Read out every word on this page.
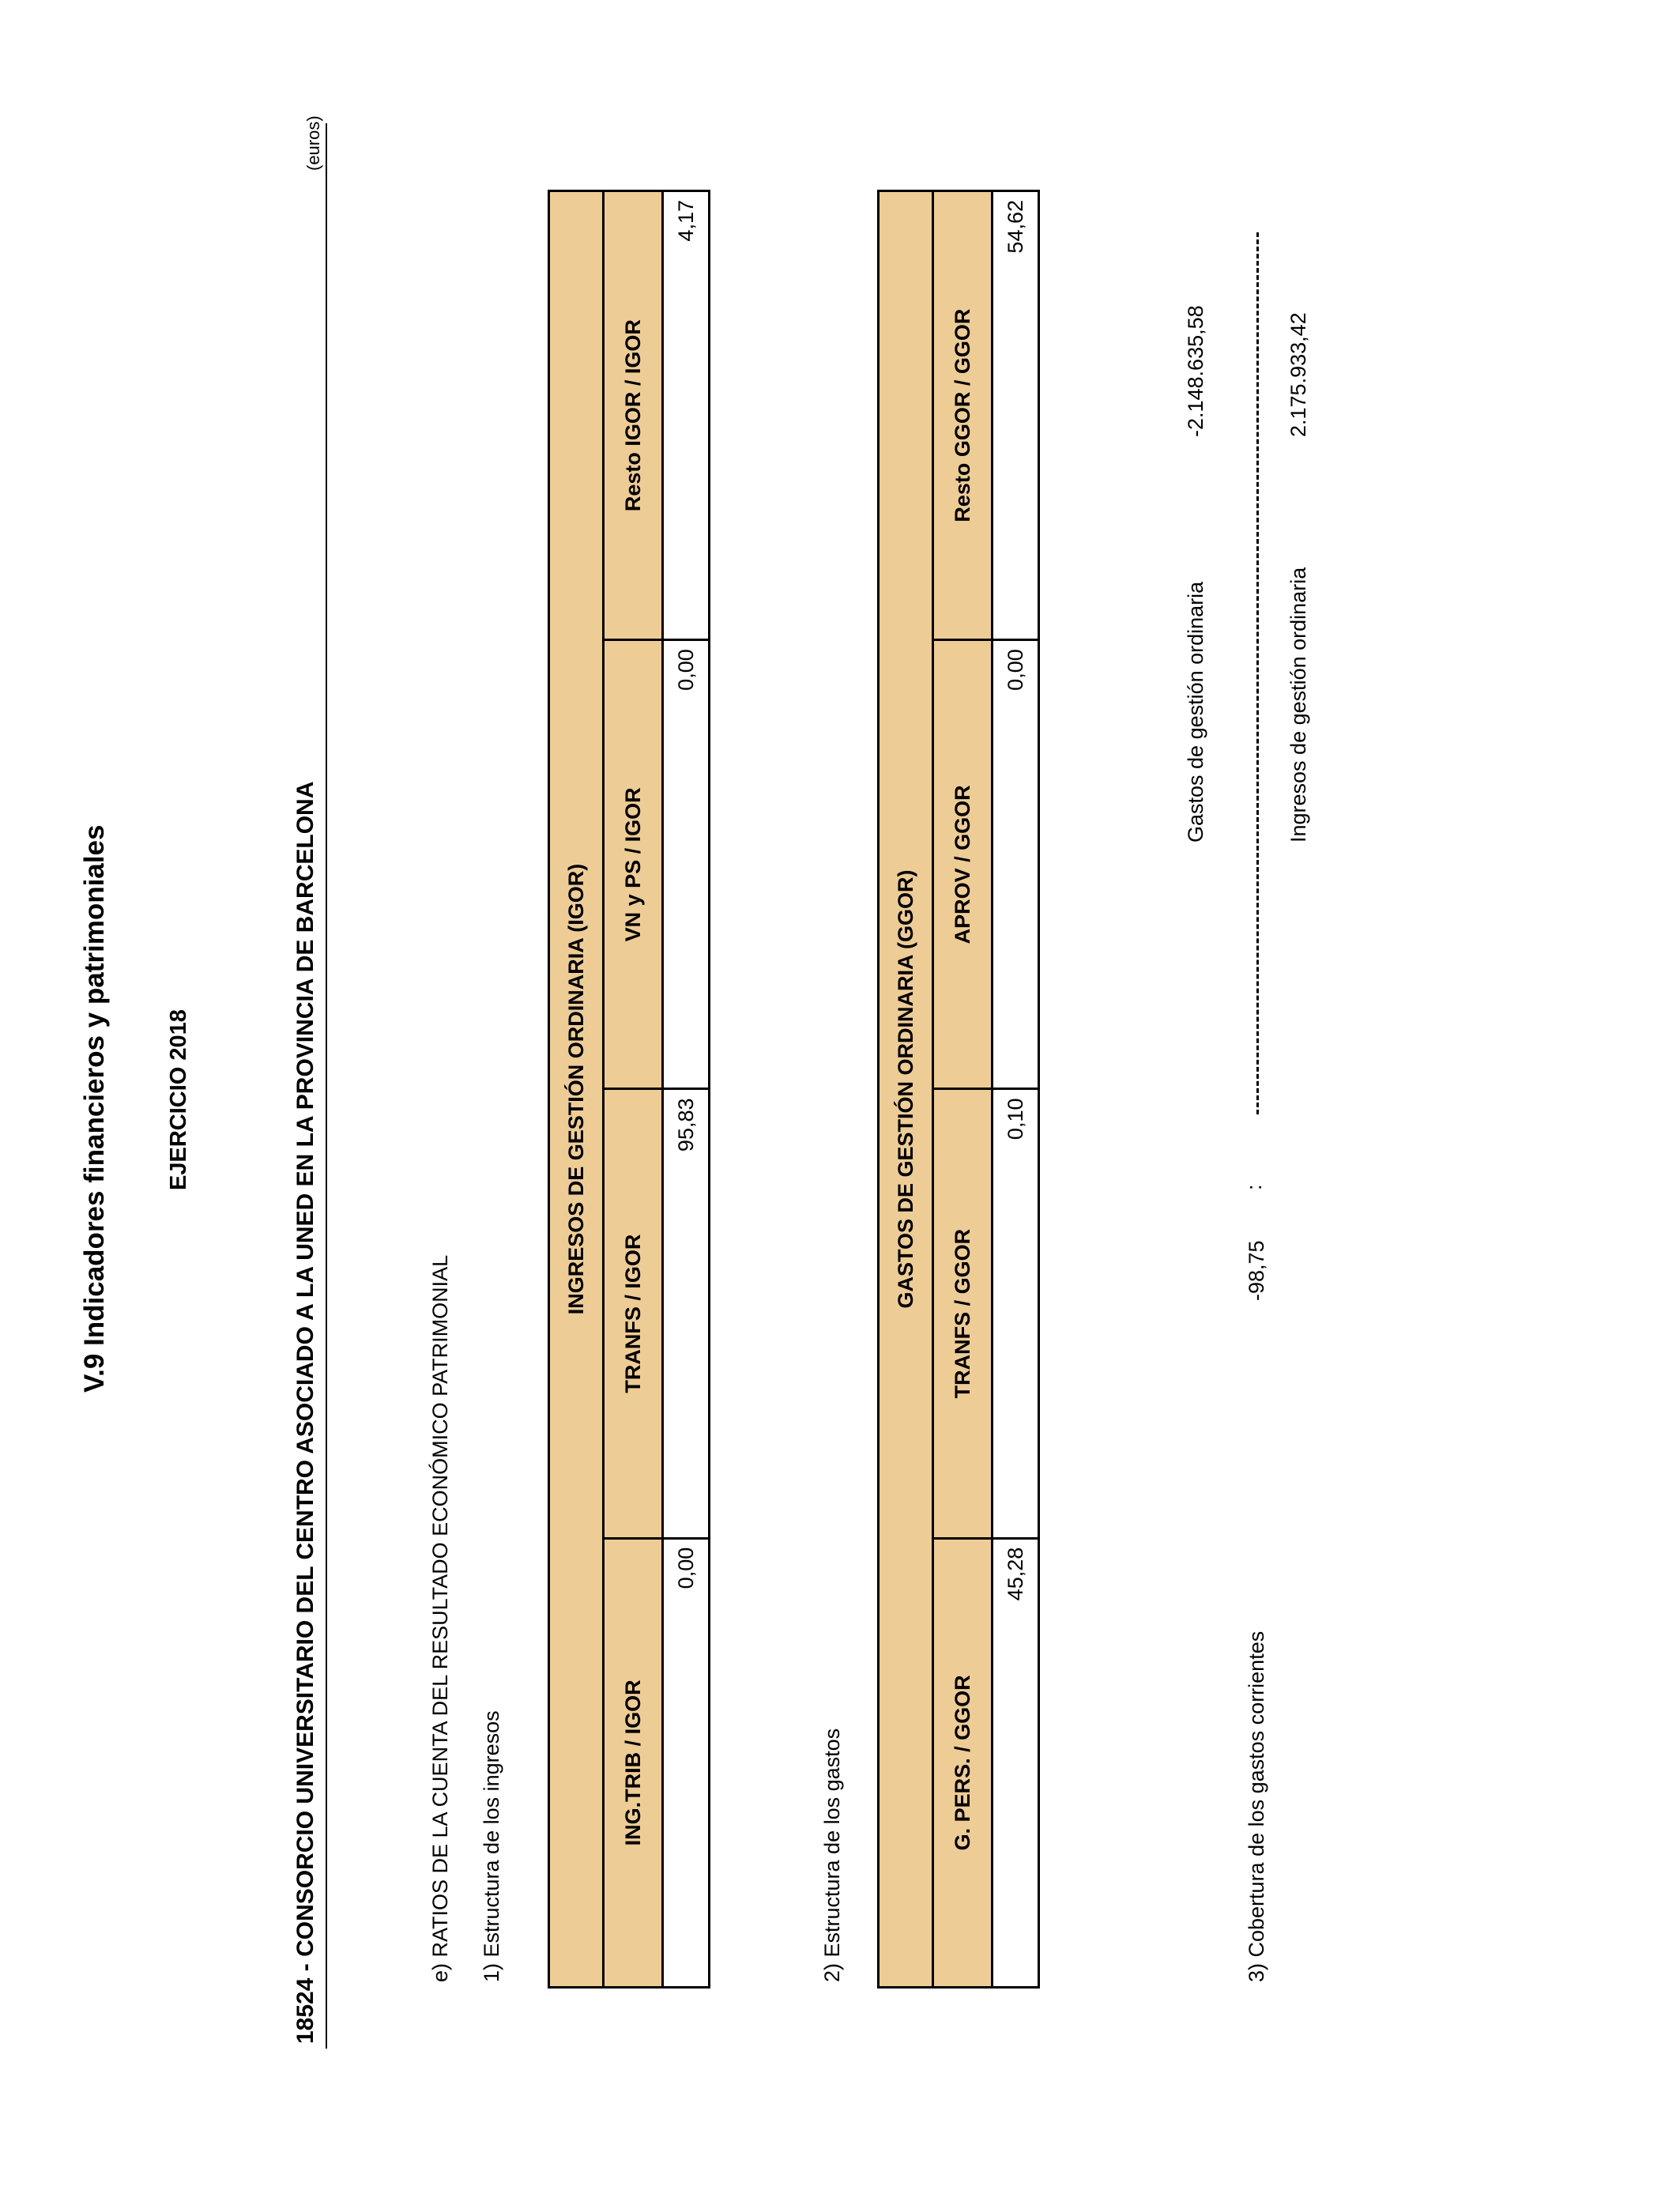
V.9 Indicadores financieros y patrimoniales EJERCICIO 2018	18524 - CONSORCIO UNIVERSITARIO DEL CENTRO ASOCIADO A LA UNED EN LA PROVINCIA DE BARCELONA
(euros)
e) RATIOS DE LA CUENTA DEL RESULTADO ECONÓMICO PATRIMONIAL 1) Estructura de los ingresos
INGRESOS DE GESTIÓN ORDINARIA (IGOR)			
ING.TRIB / IGOR	TRANFS / IGOR	VN y PS / IGOR	Resto IGOR / IGOR
0,00	95,83	0,00	4,17
2) Estructura de los gastos
GASTOS DE GESTIÓN ORDINARIA (GGOR)			
G. PERS. / GGOR	TRANFS / GGOR	APROV / GGOR	Resto GGOR / GGOR
45,28	0,10	0,00	54,62
3) Cobertura de los gastos corrientes
-98,75
:
Gastos de gestión ordinaria
-2.148.635,58
Ingresos de gestión ordinaria
2.175.933,42
